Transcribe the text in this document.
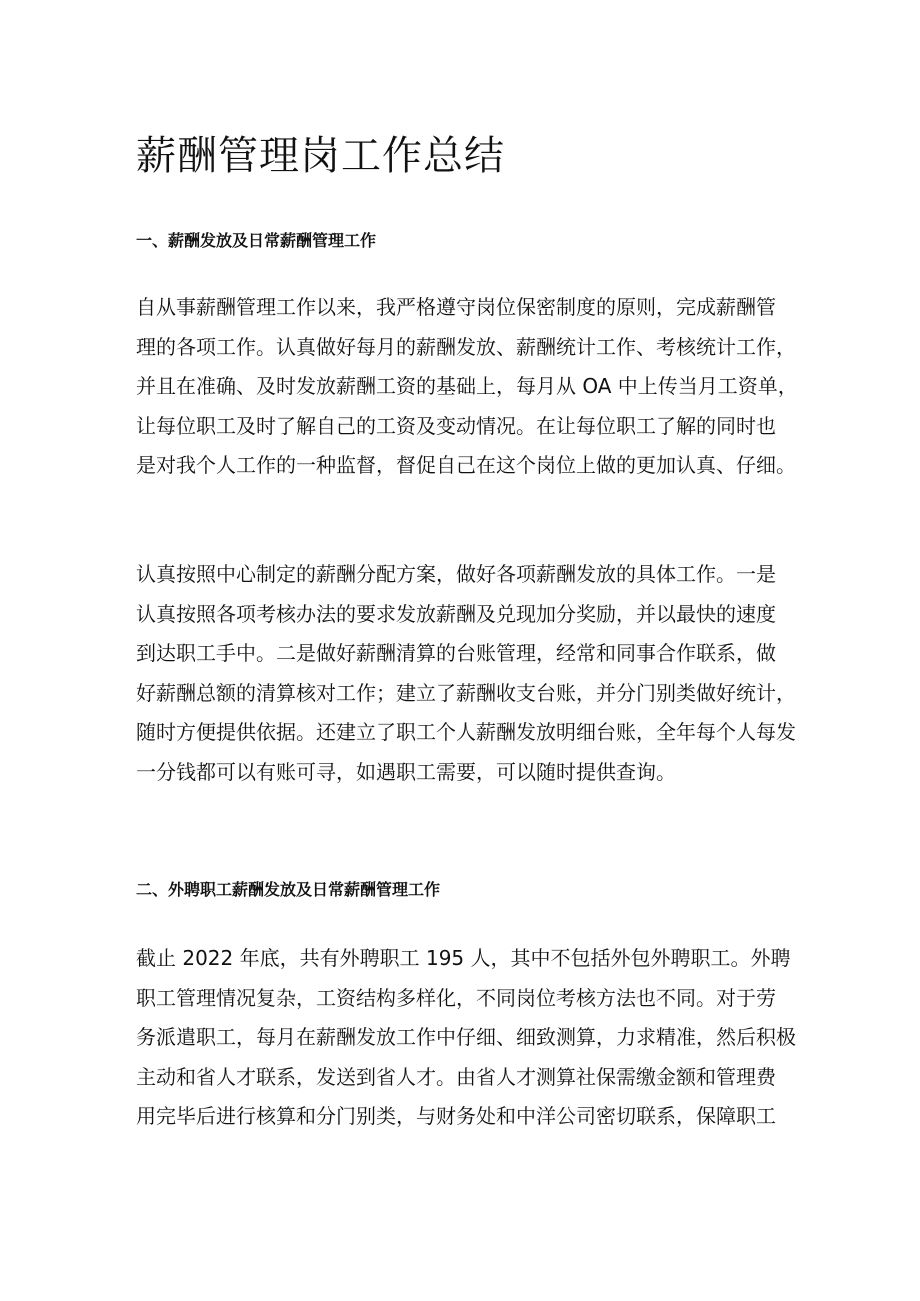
薪酬管理岗工作总结
一、薪酬发放及日常薪酬管理工作
自从事薪酬管理工作以来，我严格遵守岗位保密制度的原则，完成薪酬管
理的各项工作。认真做好每月的薪酬发放、薪酬统计工作、考核统计工作，
并且在准确、及时发放薪酬工资的基础上，每月从 OA 中上传当月工资单，
让每位职工及时了解自己的工资及变动情况。在让每位职工了解的同时也
是对我个人工作的一种监督，督促自己在这个岗位上做的更加认真、仔细。
认真按照中心制定的薪酬分配方案，做好各项薪酬发放的具体工作。一是
认真按照各项考核办法的要求发放薪酬及兑现加分奖励，并以最快的速度
到达职工手中。二是做好薪酬清算的台账管理，经常和同事合作联系，做
好薪酬总额的清算核对工作；建立了薪酬收支台账，并分门别类做好统计，
随时方便提供依据。还建立了职工个人薪酬发放明细台账，全年每个人每发
一分钱都可以有账可寻，如遇职工需要，可以随时提供查询。
二、外聘职工薪酬发放及日常薪酬管理工作
截止 2022 年底，共有外聘职工 195 人，其中不包括外包外聘职工。外聘
职工管理情况复杂，工资结构多样化，不同岗位考核方法也不同。对于劳
务派遣职工，每月在薪酬发放工作中仔细、细致测算，力求精准，然后积极
主动和省人才联系，发送到省人才。由省人才测算社保需缴金额和管理费
用完毕后进行核算和分门别类，与财务处和中洋公司密切联系，保障职工
